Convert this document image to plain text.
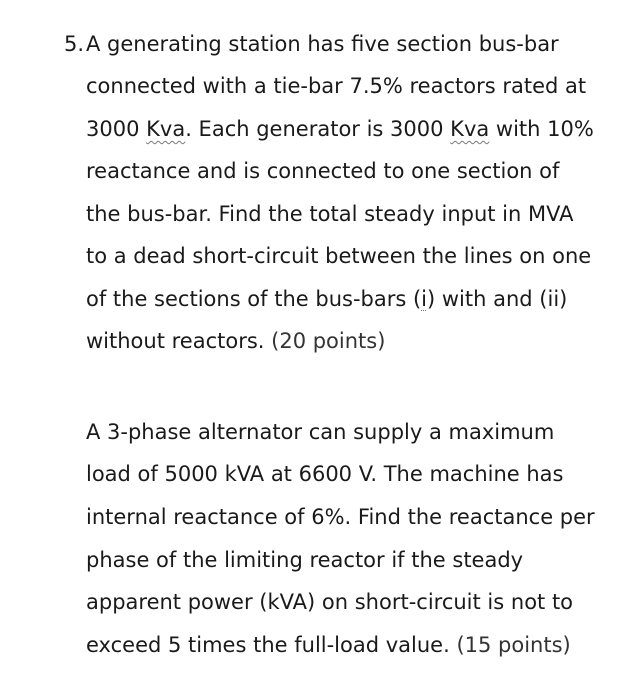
5.A generating station has five section bus-bar
connected with a tie-bar 7.5% reactors rated at
3000 Kva. Each generator is 3000 Kva with 10%
reactance and is connected to one section of
the bus-bar. Find the total steady input in MVA
to a dead short-circuit between the lines on one
of the sections of the bus-bars (i) with and (ii)
without reactors. (20 points)
A 3-phase alternator can supply a maximum
load of 5000 kVA at 6600 V. The machine has
internal reactance of 6%. Find the reactance per
phase of the limiting reactor if the steady
apparent power (kVA) on short-circuit is not to
exceed 5 times the full-load value. (15 points)
